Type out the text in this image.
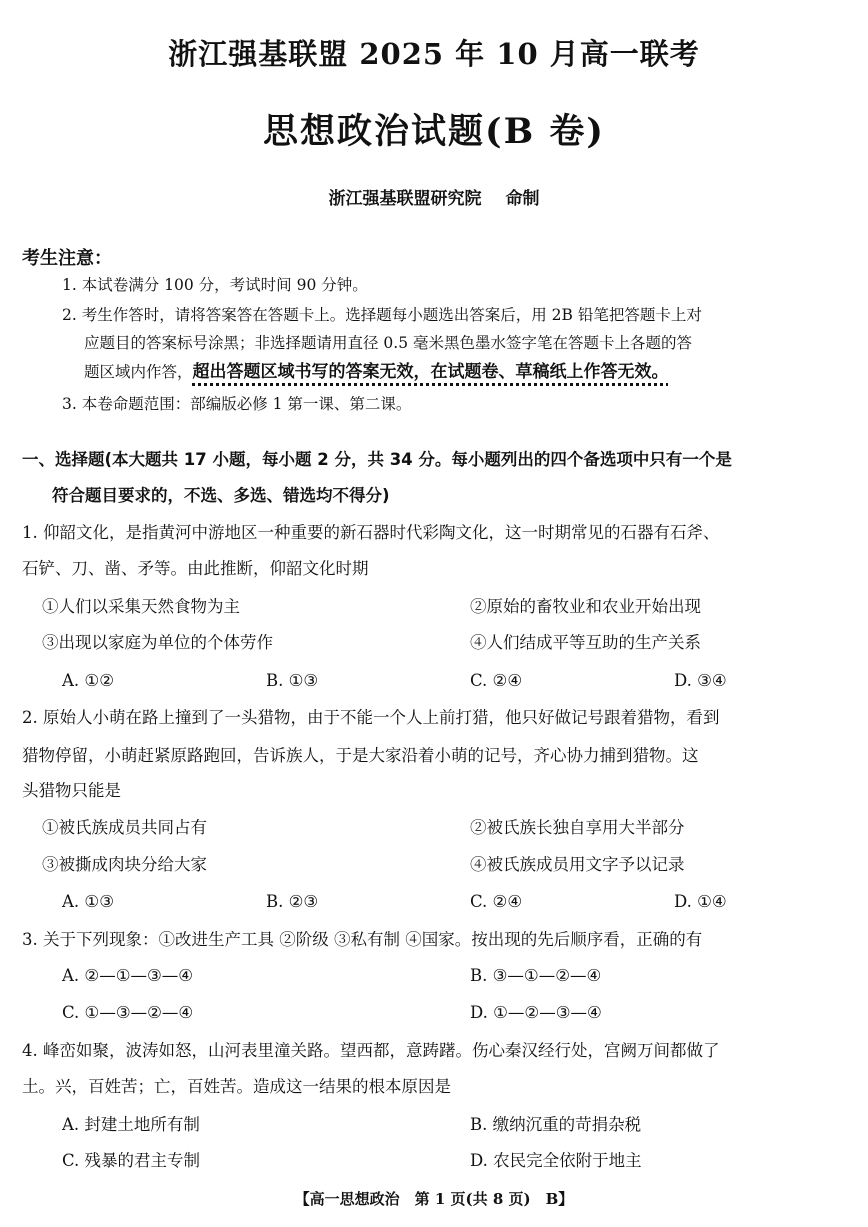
浙江强基联盟 2025 年 10 月高一联考
思想政治试题(B 卷)
浙江强基联盟研究院 命制
考生注意：
1. 本试卷满分 100 分，考试时间 90 分钟。
2. 考生作答时，请将答案答在答题卡上。选择题每小题选出答案后，用 2B 铅笔把答题卡上对
应题目的答案标号涂黑；非选择题请用直径 0.5 毫米黑色墨水签字笔在答题卡上各题的答
题区域内作答，超出答题区域书写的答案无效，在试题卷、草稿纸上作答无效。
3. 本卷命题范围：部编版必修 1 第一课、第二课。
一、选择题(本大题共 17 小题，每小题 2 分，共 34 分。每小题列出的四个备选项中只有一个是
符合题目要求的，不选、多选、错选均不得分)
1. 仰韶文化，是指黄河中游地区一种重要的新石器时代彩陶文化，这一时期常见的石器有石斧、
石铲、刀、凿、矛等。由此推断，仰韶文化时期
①人们以采集天然食物为主	②原始的畜牧业和农业开始出现
③出现以家庭为单位的个体劳作	④人们结成平等互助的生产关系
A. ①②	B. ①③	C. ②④	D. ③④
2. 原始人小萌在路上撞到了一头猎物，由于不能一个人上前打猎，他只好做记号跟着猎物，看到
猎物停留，小萌赶紧原路跑回，告诉族人，于是大家沿着小萌的记号，齐心协力捕到猎物。这
头猎物只能是
①被氏族成员共同占有	②被氏族长独自享用大半部分
③被撕成肉块分给大家	④被氏族成员用文字予以记录
A. ①③	B. ②③	C. ②④	D. ①④
3. 关于下列现象：①改进生产工具 ②阶级 ③私有制 ④国家。按出现的先后顺序看，正确的有
A. ②—①—③—④	B. ③—①—②—④
C. ①—③—②—④	D. ①—②—③—④
4. 峰峦如聚，波涛如怒，山河表里潼关路。望西都，意踌躇。伤心秦汉经行处，宫阙万间都做了
土。兴，百姓苦；亡，百姓苦。造成这一结果的根本原因是
A. 封建土地所有制	B. 缴纳沉重的苛捐杂税
C. 残暴的君主专制	D. 农民完全依附于地主
【高一思想政治　第 1 页(共 8 页)　B】
